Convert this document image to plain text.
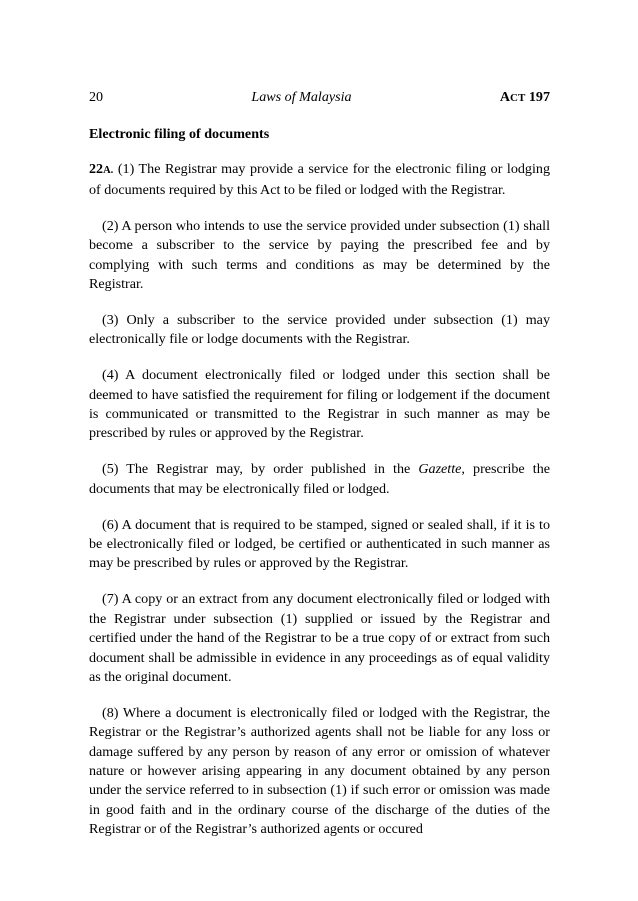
20	Laws of Malaysia	ACT 197
Electronic filing of documents

22A. (1) The Registrar may provide a service for the electronic filing or lodging of documents required by this Act to be filed or lodged with the Registrar.

(2) A person who intends to use the service provided under subsection (1) shall become a subscriber to the service by paying the prescribed fee and by complying with such terms and conditions as may be determined by the Registrar.

(3) Only a subscriber to the service provided under subsection (1) may electronically file or lodge documents with the Registrar.

(4) A document electronically filed or lodged under this section shall be deemed to have satisfied the requirement for filing or lodgement if the document is communicated or transmitted to the Registrar in such manner as may be prescribed by rules or approved by the Registrar.

(5) The Registrar may, by order published in the Gazette, prescribe the documents that may be electronically filed or lodged.

(6) A document that is required to be stamped, signed or sealed shall, if it is to be electronically filed or lodged, be certified or authenticated in such manner as may be prescribed by rules or approved by the Registrar.

(7) A copy or an extract from any document electronically filed or lodged with the Registrar under subsection (1) supplied or issued by the Registrar and certified under the hand of the Registrar to be a true copy of or extract from such document shall be admissible in evidence in any proceedings as of equal validity as the original document.

(8) Where a document is electronically filed or lodged with the Registrar, the Registrar or the Registrar’s authorized agents shall not be liable for any loss or damage suffered by any person by reason of any error or omission of whatever nature or however arising appearing in any document obtained by any person under the service referred to in subsection (1) if such error or omission was made in good faith and in the ordinary course of the discharge of the duties of the Registrar or of the Registrar’s authorized agents or occured
